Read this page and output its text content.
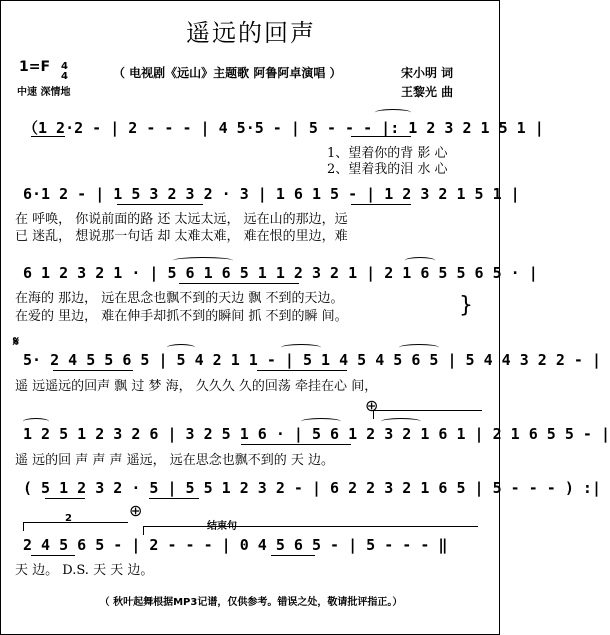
遥远的回声
1=F 4
4
中速 深情地
（ 电视剧《远山》主题歌 阿鲁阿卓演唱 ）	宋小明 词
王黎光 曲
（1 2·2 - | 2 - - - | 4 5·5 - | 5 - - - |: 1 2 3 2 1 5 1 |
1、望着你的背 影 心
2、望着我的泪 水 心
6·1 2 - | 1 5 3 2 3 2 · 3 | 1 6 1 5 - | 1 2 3 2 1 5 1 |
在 呼唤， 你说前面的路 还 太远太远， 远在山的那边，远
已 迷乱， 想说那一句话 却 太难太难， 难在恨的里边，难
6 1 2 3 2 1 · | 5 6 1 6 5 1 1 2 3 2 1 | 2 1 6 5 5 6 5 · |
在海的 那边， 远在思念也飘不到的天边 飘 不到的天边。
在爱的 里边， 难在伸手却抓不到的瞬间 抓 不到的瞬 间。	}
𝄋
5· 2 4 5 5 6 5 | 5 4 2 1 1 - | 5 1 4 5 4 5 6 5 | 5 4 4 3 2 2 - |
遥 远遥远的回声 飘 过 梦 海， 久久久 久的回荡 牵挂在心 间，
⊕
1 2 5 1 2 3 2 6 | 3 2 5 1 6 · | 5 6 1 2 3 2 1 6 1 | 2 1 6 5 5 - |
遥 远的回 声 声 声 遥远， 远在思念也飘不到的 天 边。
( 5 1 2 3 2 · 5 | 5 5 1 2 3 2 - | 6 2 2 3 2 1 6 5 | 5 - - - ) :|
2	⊕
结束句
2 4 5 6 5 - | 2 - - - | 0 4 5 6 5 - | 5 - - - ‖
天 边。 D.S. 天 天 边。
（ 秋叶起舞根据MP3记谱，仅供参考。错误之处，敬请批评指正。）
